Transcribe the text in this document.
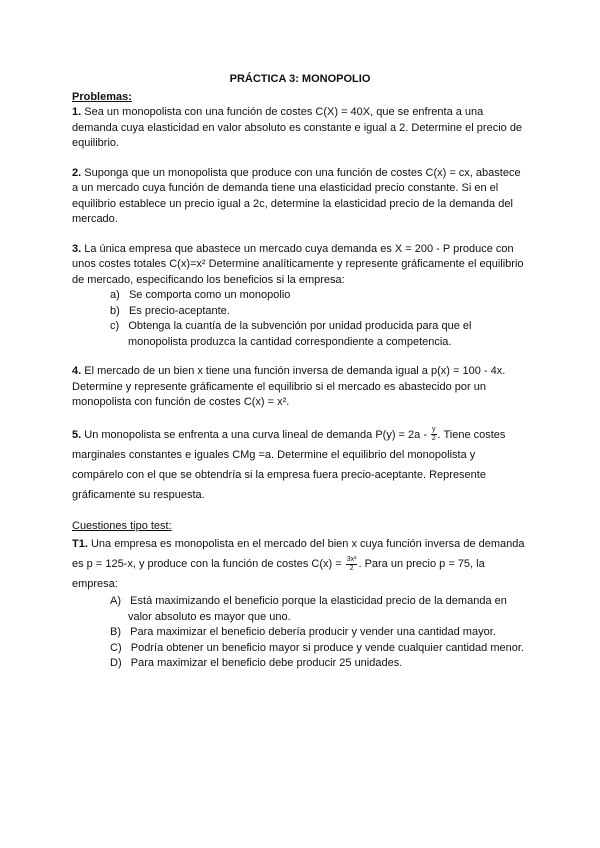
PRÁCTICA 3: MONOPOLIO

Problemas:

1. Sea un monopolista con una función de costes C(X) = 40X, que se enfrenta a una demanda cuya elasticidad en valor absoluto es constante e igual a 2. Determine el precio de equilibrio.

2. Suponga que un monopolista que produce con una función de costes C(x) = cx, abastece a un mercado cuya función de demanda tiene una elasticidad precio constante. Si en el equilibrio establece un precio igual a 2c, determine la elasticidad precio de la demanda del mercado.

3. La única empresa que abastece un mercado cuya demanda es X = 200 - P produce con unos costes totales C(x)=x² Determine analíticamente y represente gráficamente el equilibrio de mercado, especificando los beneficios si la empresa:

a) Se comporta como un monopolio
b) Es precio-aceptante.
c) Obtenga la cuantía de la subvención por unidad producida para que el monopolista produzca la cantidad correspondiente a competencia.

4. El mercado de un bien x tiene una función inversa de demanda igual a p(x) = 100 - 4x. Determine y represente gráficamente el equilibrio si el mercado es abastecido por un monopolista con función de costes C(x) = x².

5. Un monopolista se enfrenta a una curva lineal de demanda $P(y) = 2a - \frac{y}{2}$ . Tiene costes marginales constantes e iguales CMg =a. Determine el equilibrio del monopolista y compárelo con el que se obtendría si la empresa fuera precio-aceptante. Represente gráficamente su respuesta.

Cuestiones tipo test:

T1. Una empresa es monopolista en el mercado del bien x cuya función inversa de demanda es p = 125-x, y produce con la función de costes $C(x) = \frac{\text{3x²}}{2}$ . Para un precio p = 75, la empresa:

A) Está maximizando el beneficio porque la elasticidad precio de la demanda en valor absoluto es mayor que uno.
B) Para maximizar el beneficio debería producir y vender una cantidad mayor.
C) Podría obtener un beneficio mayor si produce y vende cualquier cantidad menor.
D) Para maximizar el beneficio debe producir 25 unidades.
